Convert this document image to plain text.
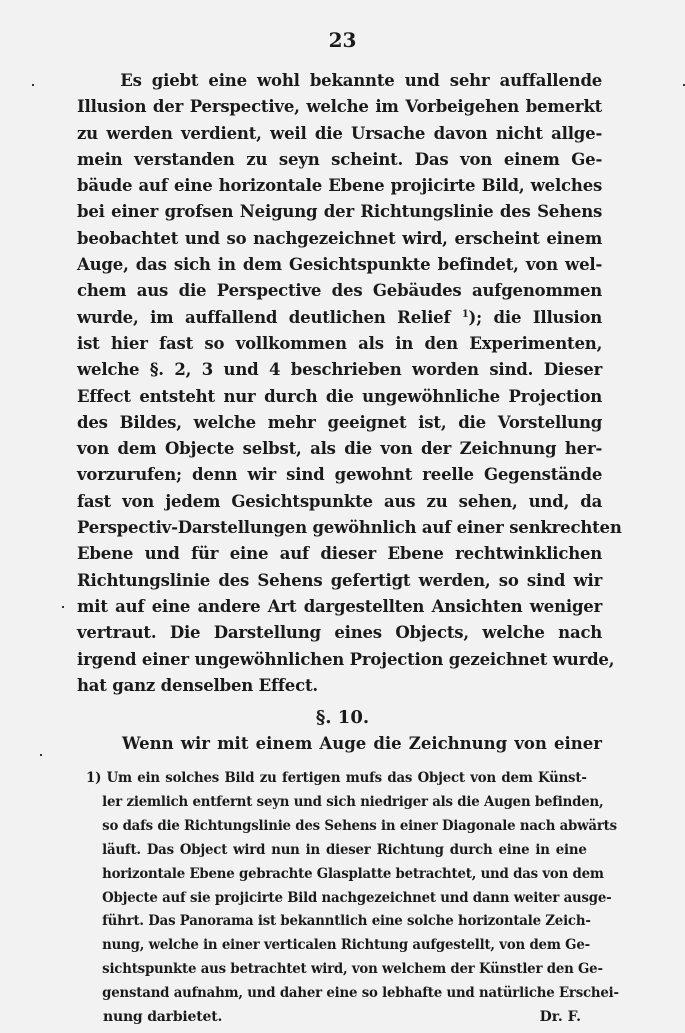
23
Es giebt eine wohl bekannte und sehr auffallende
Illusion der Perspective, welche im Vorbeigehen bemerkt
zu werden verdient, weil die Ursache davon nicht allge-
mein verstanden zu seyn scheint. Das von einem Ge-
bäude auf eine horizontale Ebene projicirte Bild, welches
bei einer grofsen Neigung der Richtungslinie des Sehens
beobachtet und so nachgezeichnet wird, erscheint einem
Auge, das sich in dem Gesichtspunkte befindet, von wel-
chem aus die Perspective des Gebäudes aufgenommen
wurde, im auffallend deutlichen Relief $^1$); die Illusion
ist hier fast so vollkommen als in den Experimenten,
welche §. 2, 3 und 4 beschrieben worden sind. Dieser
Effect entsteht nur durch die ungewöhnliche Projection
des Bildes, welche mehr geeignet ist, die Vorstellung
von dem Objecte selbst, als die von der Zeichnung her-
vorzurufen; denn wir sind gewohnt reelle Gegenstände
fast von jedem Gesichtspunkte aus zu sehen, und, da
Perspectiv-Darstellungen gewöhnlich auf einer senkrechten
Ebene und für eine auf dieser Ebene rechtwinklichen
Richtungslinie des Sehens gefertigt werden, so sind wir
mit auf eine andere Art dargestellten Ansichten weniger
vertraut. Die Darstellung eines Objects, welche nach
irgend einer ungewöhnlichen Projection gezeichnet wurde,
hat ganz denselben Effect.
§. 10.
Wenn wir mit einem Auge die Zeichnung von einer
1) Um ein solches Bild zu fertigen mufs das Object von dem Künst-
ler ziemlich entfernt seyn und sich niedriger als die Augen befinden,
so dafs die Richtungslinie des Sehens in einer Diagonale nach abwärts
läuft. Das Object wird nun in dieser Richtung durch eine in eine
horizontale Ebene gebrachte Glasplatte betrachtet, und das von dem
Objecte auf sie projicirte Bild nachgezeichnet und dann weiter ausge-
führt. Das Panorama ist bekanntlich eine solche horizontale Zeich-
nung, welche in einer verticalen Richtung aufgestellt, von dem Ge-
sichtspunkte aus betrachtet wird, von welchem der Künstler den Ge-
genstand aufnahm, und daher eine so lebhafte und natürliche Erschei-
nung darbietet.	Dr. F.
